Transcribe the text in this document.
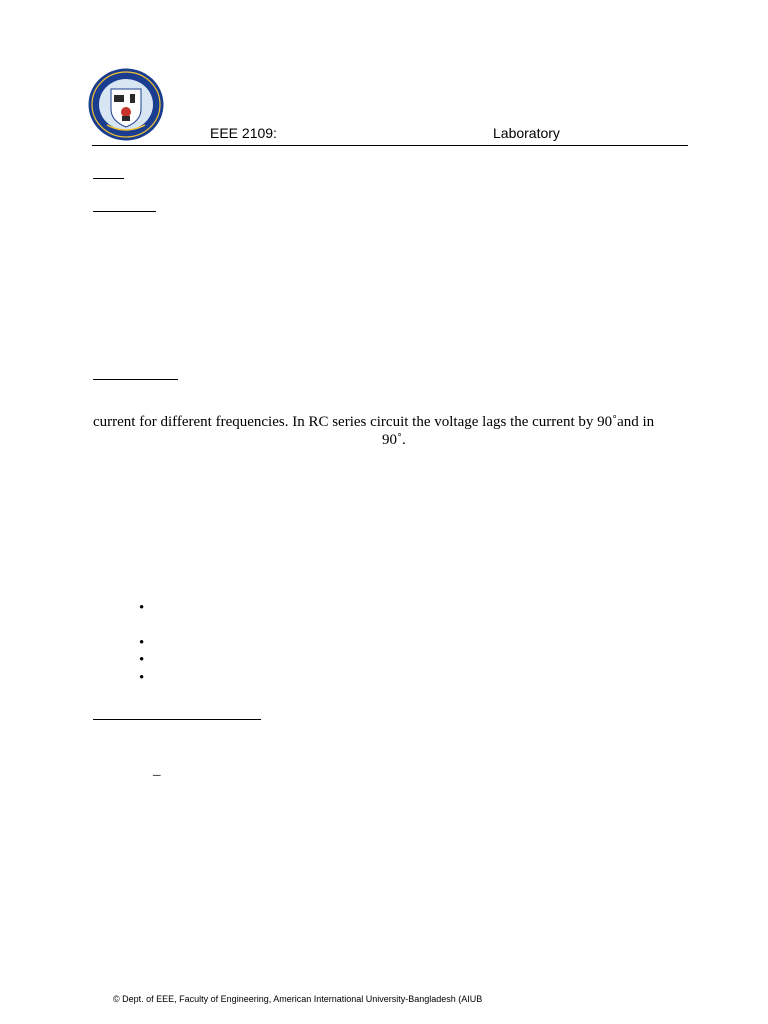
EEE 2109:	Laboratory
current for different frequencies. In RC series circuit the voltage lags the current by 90˚and in
90˚.
•
•
•
•
–
© Dept. of EEE, Faculty of Engineering, American International University-Bangladesh (AIUB
